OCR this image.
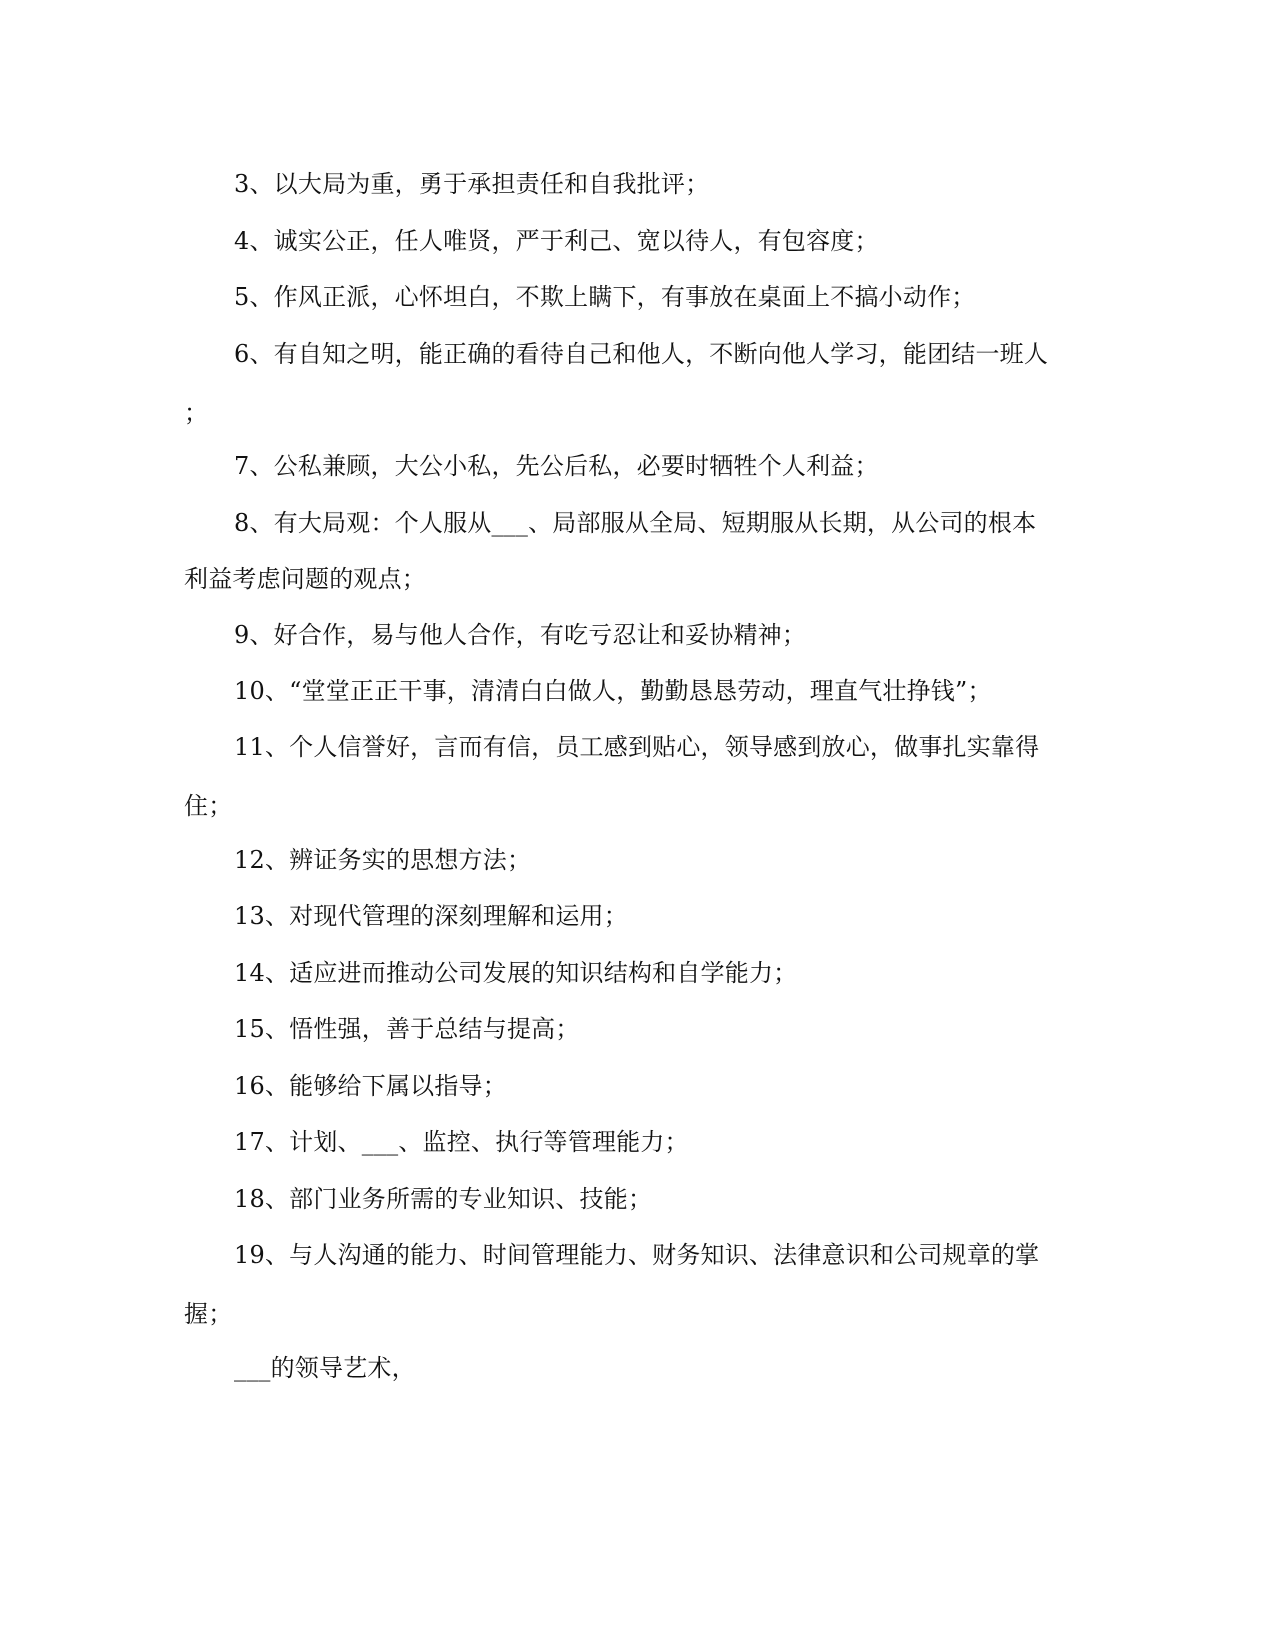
3、以大局为重，勇于承担责任和自我批评；
4、诚实公正，任人唯贤，严于利己、宽以待人，有包容度；
5、作风正派，心怀坦白，不欺上瞒下，有事放在桌面上不搞小动作；
6、有自知之明，能正确的看待自己和他人，不断向他人学习，能团结一班人
；
7、公私兼顾，大公小私，先公后私，必要时牺牲个人利益；
8、有大局观：个人服从___、局部服从全局、短期服从长期，从公司的根本
利益考虑问题的观点；
9、好合作，易与他人合作，有吃亏忍让和妥协精神；
10、“堂堂正正干事，清清白白做人，勤勤恳恳劳动，理直气壮挣钱”；
11、个人信誉好，言而有信，员工感到贴心，领导感到放心，做事扎实靠得
住；
12、辨证务实的思想方法；
13、对现代管理的深刻理解和运用；
14、适应进而推动公司发展的知识结构和自学能力；
15、悟性强，善于总结与提高；
16、能够给下属以指导；
17、计划、___、监控、执行等管理能力；
18、部门业务所需的专业知识、技能；
19、与人沟通的能力、时间管理能力、财务知识、法律意识和公司规章的掌
握；
___的领导艺术，
